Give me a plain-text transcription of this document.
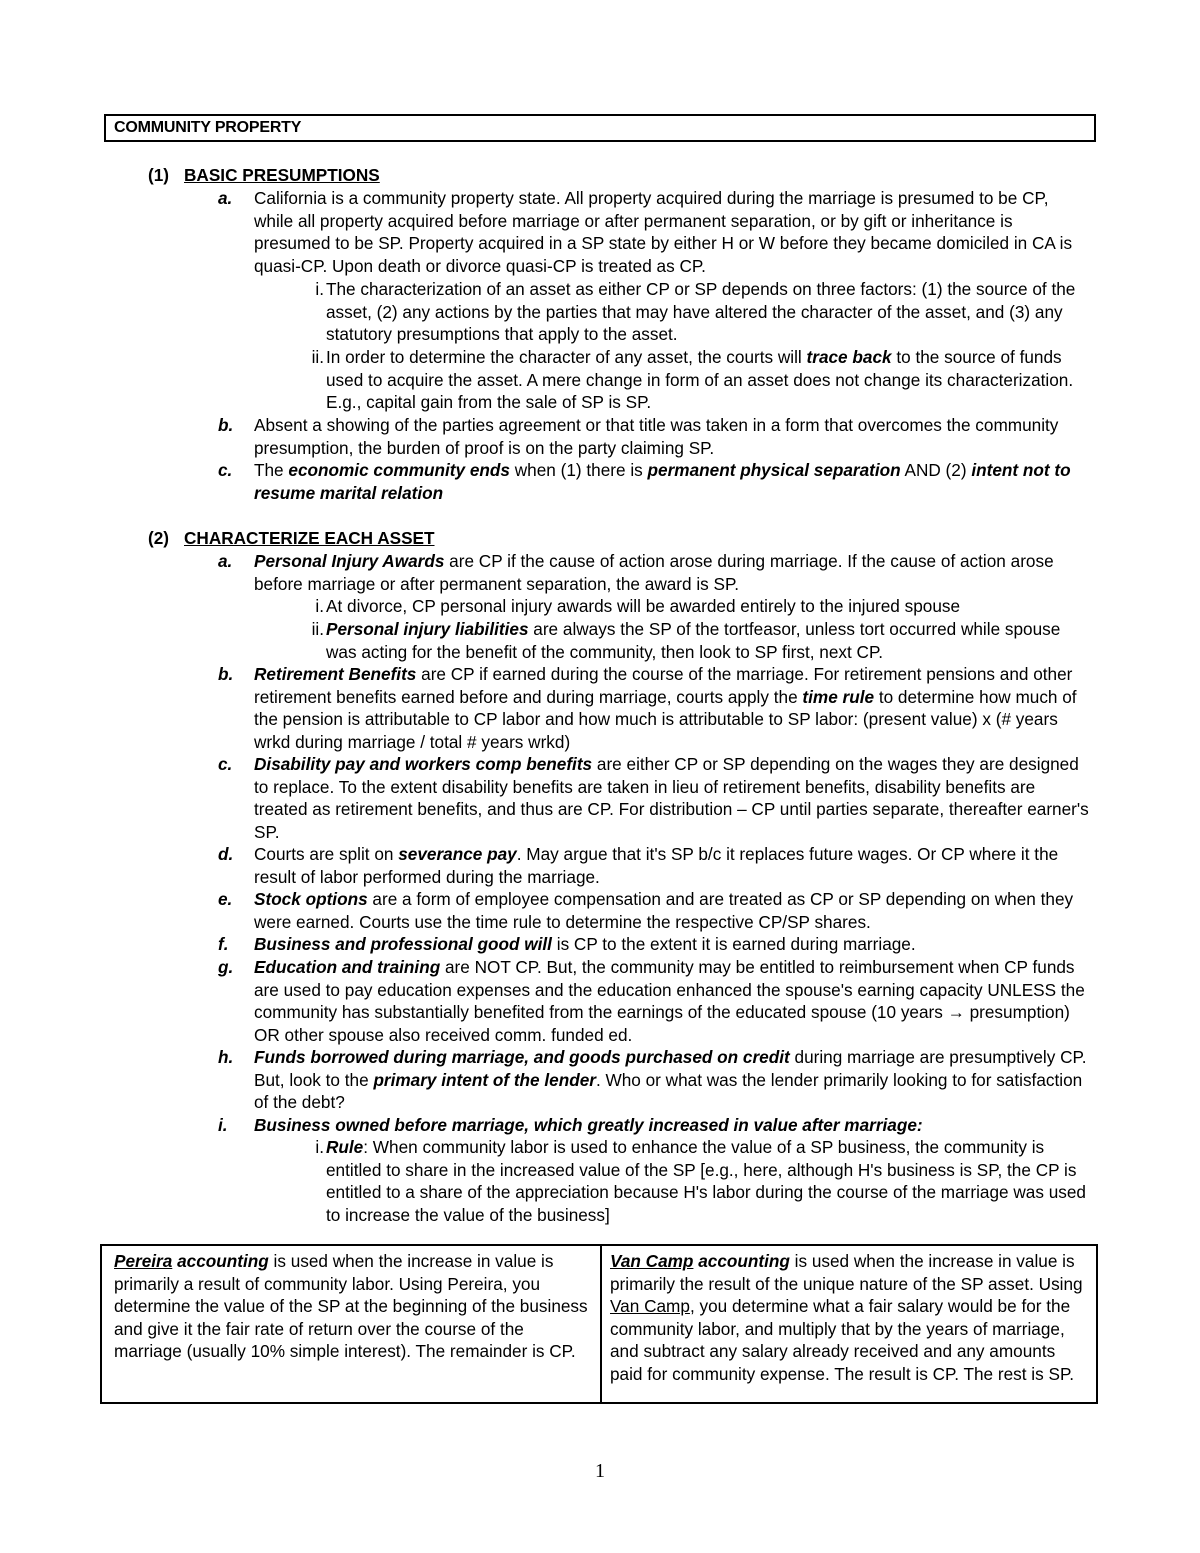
COMMUNITY PROPERTY
(1) BASIC PRESUMPTIONS
a. California is a community property state. All property acquired during the marriage is presumed to be CP, while all property acquired before marriage or after permanent separation, or by gift or inheritance is presumed to be SP. Property acquired in a SP state by either H or W before they became domiciled in CA is quasi-CP. Upon death or divorce quasi-CP is treated as CP.
i. The characterization of an asset as either CP or SP depends on three factors: (1) the source of the asset, (2) any actions by the parties that may have altered the character of the asset, and (3) any statutory presumptions that apply to the asset.
ii. In order to determine the character of any asset, the courts will trace back to the source of funds used to acquire the asset. A mere change in form of an asset does not change its characterization. E.g., capital gain from the sale of SP is SP.
b. Absent a showing of the parties agreement or that title was taken in a form that overcomes the community presumption, the burden of proof is on the party claiming SP.
c. The economic community ends when (1) there is permanent physical separation AND (2) intent not to resume marital relation
(2) CHARACTERIZE EACH ASSET
a. Personal Injury Awards are CP if the cause of action arose during marriage. If the cause of action arose before marriage or after permanent separation, the award is SP.
i. At divorce, CP personal injury awards will be awarded entirely to the injured spouse
ii. Personal injury liabilities are always the SP of the tortfeasor, unless tort occurred while spouse was acting for the benefit of the community, then look to SP first, next CP.
b. Retirement Benefits are CP if earned during the course of the marriage. For retirement pensions and other retirement benefits earned before and during marriage, courts apply the time rule to determine how much of the pension is attributable to CP labor and how much is attributable to SP labor: (present value) x (# years wrkd during marriage / total # years wrkd)
c. Disability pay and workers comp benefits are either CP or SP depending on the wages they are designed to replace. To the extent disability benefits are taken in lieu of retirement benefits, disability benefits are treated as retirement benefits, and thus are CP. For distribution – CP until parties separate, thereafter earner's SP.
d. Courts are split on severance pay. May argue that it's SP b/c it replaces future wages. Or CP where it the result of labor performed during the marriage.
e. Stock options are a form of employee compensation and are treated as CP or SP depending on when they were earned. Courts use the time rule to determine the respective CP/SP shares.
f. Business and professional good will is CP to the extent it is earned during marriage.
g. Education and training are NOT CP. But, the community may be entitled to reimbursement when CP funds are used to pay education expenses and the education enhanced the spouse's earning capacity UNLESS the community has substantially benefited from the earnings of the educated spouse (10 years → presumption) OR other spouse also received comm. funded ed.
h. Funds borrowed during marriage, and goods purchased on credit during marriage are presumptively CP. But, look to the primary intent of the lender. Who or what was the lender primarily looking to for satisfaction of the debt?
i. Business owned before marriage, which greatly increased in value after marriage:
i. Rule: When community labor is used to enhance the value of a SP business, the community is entitled to share in the increased value of the SP [e.g., here, although H's business is SP, the CP is entitled to a share of the appreciation because H's labor during the course of the marriage was used to increase the value of the business]
Pereira accounting is used when the increase in value is primarily a result of community labor. Using Pereira, you determine the value of the SP at the beginning of the business and give it the fair rate of return over the course of the marriage (usually 10% simple interest). The remainder is CP.
Van Camp accounting is used when the increase in value is primarily the result of the unique nature of the SP asset. Using Van Camp, you determine what a fair salary would be for the community labor, and multiply that by the years of marriage, and subtract any salary already received and any amounts paid for community expense. The result is CP. The rest is SP.
1
